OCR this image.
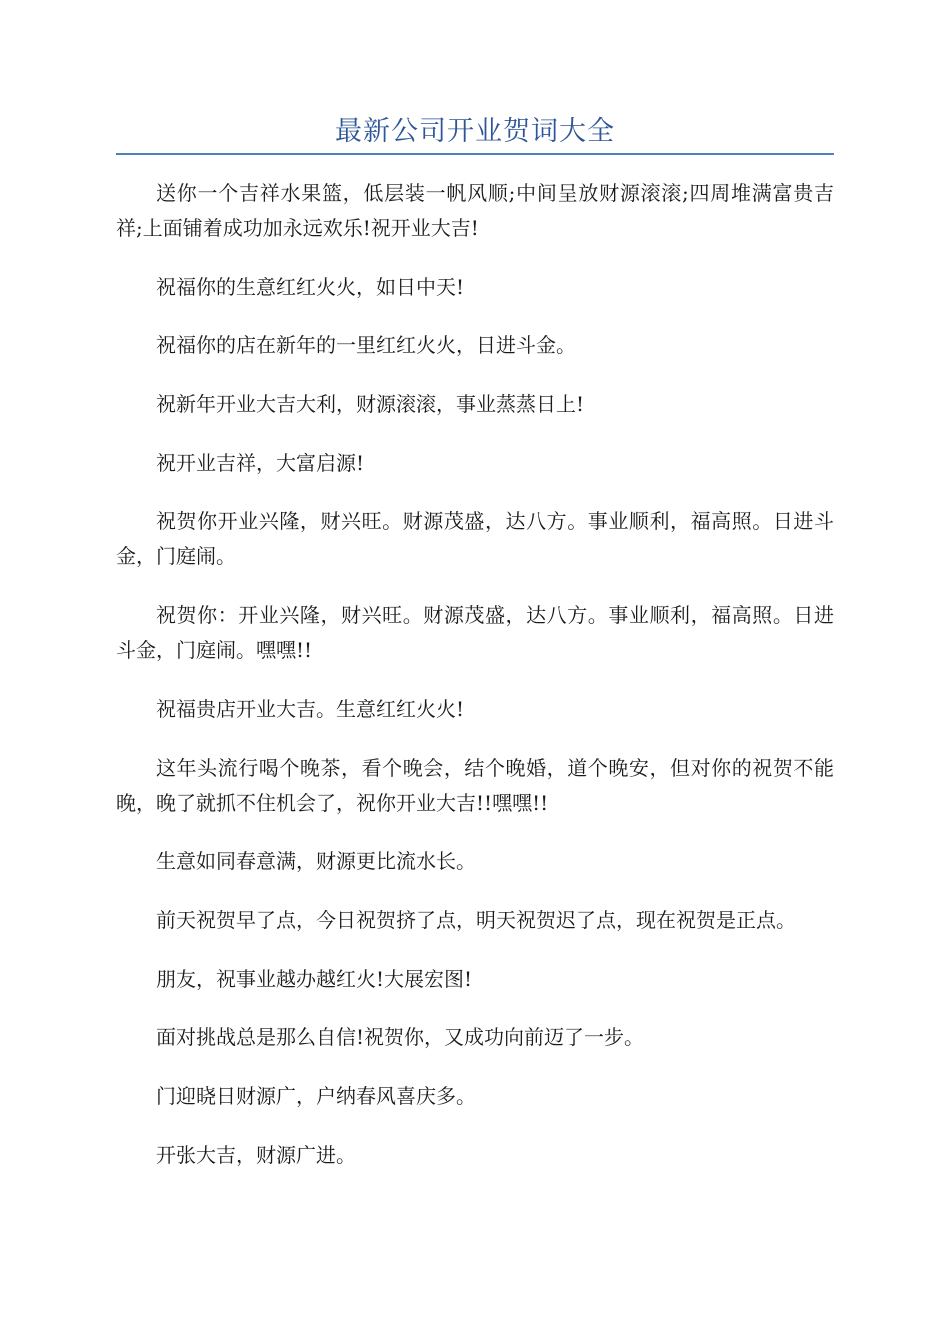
最新公司开业贺词大全

送你一个吉祥水果篮，低层装一帆风顺;中间呈放财源滚滚;四周堆满富贵吉祥;上面铺着成功加永远欢乐!祝开业大吉!

祝福你的生意红红火火，如日中天!

祝福你的店在新年的一里红红火火，日进斗金。

祝新年开业大吉大利，财源滚滚，事业蒸蒸日上!

祝开业吉祥，大富启源!

祝贺你开业兴隆，财兴旺。财源茂盛，达八方。事业顺利，福高照。日进斗金，门庭闹。

祝贺你：开业兴隆，财兴旺。财源茂盛，达八方。事业顺利，福高照。日进斗金，门庭闹。嘿嘿!!

祝福贵店开业大吉。生意红红火火!

这年头流行喝个晚茶，看个晚会，结个晚婚，道个晚安，但对你的祝贺不能晚，晚了就抓不住机会了，祝你开业大吉!!嘿嘿!!

生意如同春意满，财源更比流水长。

前天祝贺早了点，今日祝贺挤了点，明天祝贺迟了点，现在祝贺是正点。

朋友，祝事业越办越红火!大展宏图!

面对挑战总是那么自信!祝贺你，又成功向前迈了一步。

门迎晓日财源广，户纳春风喜庆多。

开张大吉，财源广进。
